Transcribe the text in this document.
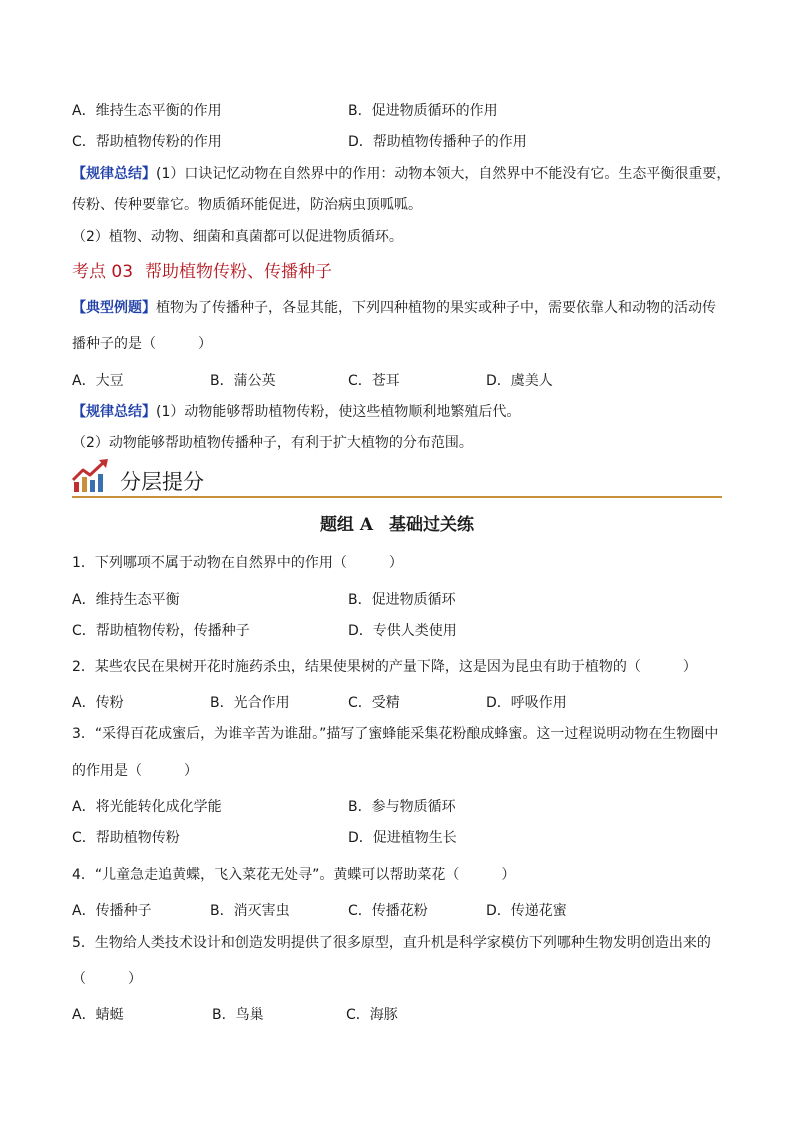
A．维持生态平衡的作用	B．促进物质循环的作用
C．帮助植物传粉的作用	D．帮助植物传播种子的作用
【规律总结】(1）口诀记忆动物在自然界中的作用：动物本领大，自然界中不能没有它。生态平衡很重要，
传粉、传种要靠它。物质循环能促进，防治病虫顶呱呱。
（2）植物、动物、细菌和真菌都可以促进物质循环。
考点 03 帮助植物传粉、传播种子
【典型例题】植物为了传播种子，各显其能，下列四种植物的果实或种子中，需要依靠人和动物的活动传
播种子的是（　　　）
A．大豆	B．蒲公英	C．苍耳	D．虞美人
【规律总结】(1）动物能够帮助植物传粉，使这些植物顺利地繁殖后代。
（2）动物能够帮助植物传播种子，有利于扩大植物的分布范围。
分层提分
题组 A 基础过关练
1．下列哪项不属于动物在自然界中的作用（　　　）
A．维持生态平衡	B．促进物质循环
C．帮助植物传粉，传播种子	D．专供人类使用
2．某些农民在果树开花时施药杀虫，结果使果树的产量下降，这是因为昆虫有助于植物的（　　　）
A．传粉	B．光合作用	C．受精	D．呼吸作用
3．“采得百花成蜜后，为谁辛苦为谁甜。”描写了蜜蜂能采集花粉酿成蜂蜜。这一过程说明动物在生物圈中
的作用是（　　　）
A．将光能转化成化学能	B．参与物质循环
C．帮助植物传粉	D．促进植物生长
4．“儿童急走追黄蝶，飞入菜花无处寻”。黄蝶可以帮助菜花（　　　）
A．传播种子	B．消灭害虫	C．传播花粉	D．传递花蜜
5．生物给人类技术设计和创造发明提供了很多原型，直升机是科学家模仿下列哪种生物发明创造出来的
（　　　）
A．蜻蜓	B．鸟巢	C．海豚
